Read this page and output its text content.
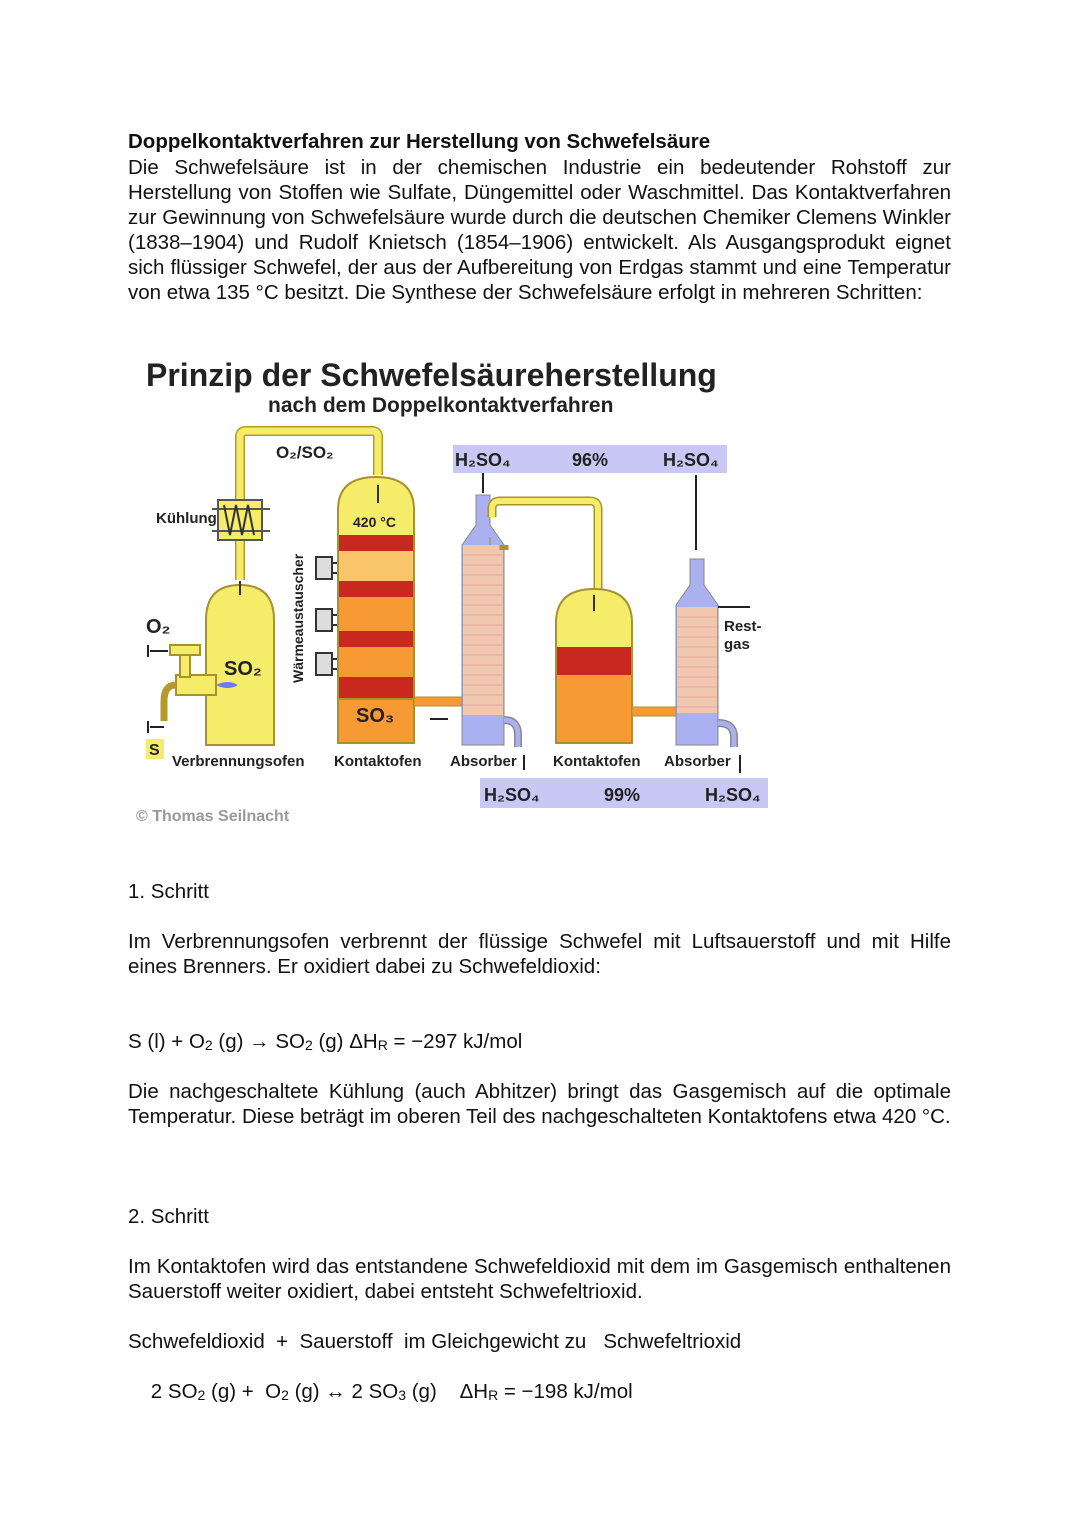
Doppelkontaktverfahren zur Herstellung von Schwefelsäure
Die Schwefelsäure ist in der chemischen Industrie ein bedeutender Rohstoff zur Herstellung von Stoffen wie Sulfate, Düngemittel oder Waschmittel. Das Kontaktverfahren zur Gewinnung von Schwefelsäure wurde durch die deutschen Chemiker Clemens Winkler (1838–1904) und Rudolf Knietsch (1854–1906) entwickelt. Als Ausgangsprodukt eignet sich flüssiger Schwefel, der aus der Aufbereitung von Erdgas stammt und eine Temperatur von etwa 135 °C besitzt. Die Synthese der Schwefelsäure erfolgt in mehreren Schritten:
Prinzip der Schwefelsäureherstellung
nach dem Doppelkontaktverfahren
H₂SO₄	96%	H₂SO₄
H₂SO₄	99%	H₂SO₄
O₂/SO₂
Kühlung
SO₂
O₂
S
Verbrennungsofen
Wärmeaustauscher
420 °C
SO₃
Kontaktofen Absorber Kontaktofen
Rest-
gas
Absorber
© Thomas Seilnacht
1. Schritt
Im Verbrennungsofen verbrennt der flüssige Schwefel mit Luftsauerstoff und mit Hilfe eines Brenners. Er oxidiert dabei zu Schwefeldioxid:
S (l) + O2 (g) → SO2 (g) ΔHR = −297 kJ/mol
Die nachgeschaltete Kühlung (auch Abhitzer) bringt das Gasgemisch auf die optimale Temperatur. Diese beträgt im oberen Teil des nachgeschalteten Kontaktofens etwa 420 °C.
2. Schritt
Im Kontaktofen wird das entstandene Schwefeldioxid mit dem im Gasgemisch enthaltenen Sauerstoff weiter oxidiert, dabei entsteht Schwefeltrioxid.
Schwefeldioxid  +  Sauerstoff  im Gleichgewicht zu   Schwefeltrioxid

2 SO2 (g) +  O2 (g) ↔ 2 SO3 (g)    ΔHR = −198 kJ/mol
